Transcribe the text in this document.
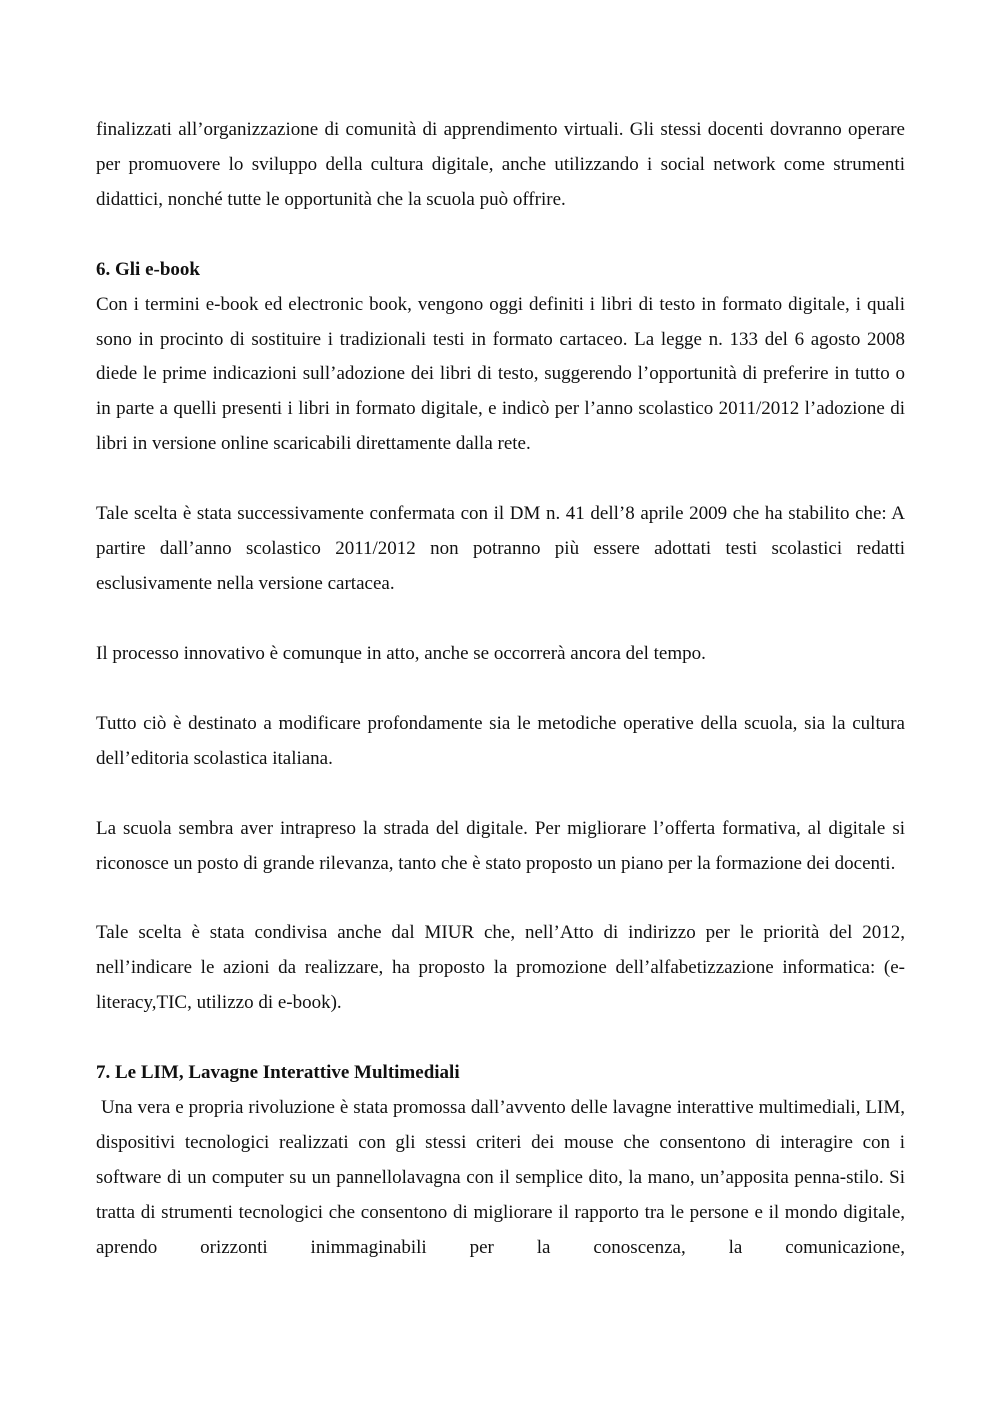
finalizzati all’organizzazione di comunità di apprendimento virtuali. Gli stessi docenti dovranno operare per promuovere lo sviluppo della cultura digitale, anche utilizzando i social network come strumenti didattici, nonché tutte le opportunità che la scuola può offrire.

6. Gli e-book

Con i termini e-book ed electronic book, vengono oggi definiti i libri di testo in formato digitale, i quali sono in procinto di sostituire i tradizionali testi in formato cartaceo. La legge n. 133 del 6 agosto 2008 diede le prime indicazioni sull’adozione dei libri di testo, suggerendo l’opportunità di preferire in tutto o in parte a quelli presenti i libri in formato digitale, e indicò per l’anno scolastico 2011/2012 l’adozione di libri in versione online scaricabili direttamente dalla rete.

Tale scelta è stata successivamente confermata con il DM n. 41 dell’8 aprile 2009 che ha stabilito che: A partire dall’anno scolastico 2011/2012 non potranno più essere adottati testi scolastici redatti esclusivamente nella versione cartacea.

Il processo innovativo è comunque in atto, anche se occorrerà ancora del tempo.

Tutto ciò è destinato a modificare profondamente sia le metodiche operative della scuola, sia la cultura dell’editoria scolastica italiana.

La scuola sembra aver intrapreso la strada del digitale. Per migliorare l’offerta formativa, al digitale si riconosce un posto di grande rilevanza, tanto che è stato proposto un piano per la formazione dei docenti.

Tale scelta è stata condivisa anche dal MIUR che, nell’Atto di indirizzo per le priorità del 2012, nell’indicare le azioni da realizzare, ha proposto la promozione dell’alfabetizzazione informatica: (e-literacy,TIC, utilizzo di e-book).

7. Le LIM, Lavagne Interattive Multimediali

Una vera e propria rivoluzione è stata promossa dall’avvento delle lavagne interattive multimediali, LIM, dispositivi tecnologici realizzati con gli stessi criteri dei mouse che consentono di interagire con i software di un computer su un pannellolavagna con il semplice dito, la mano, un’apposita penna-stilo. Si tratta di strumenti tecnologici che consentono di migliorare il rapporto tra le persone e il mondo digitale, aprendo orizzonti inimmaginabili per la conoscenza, la comunicazione,
